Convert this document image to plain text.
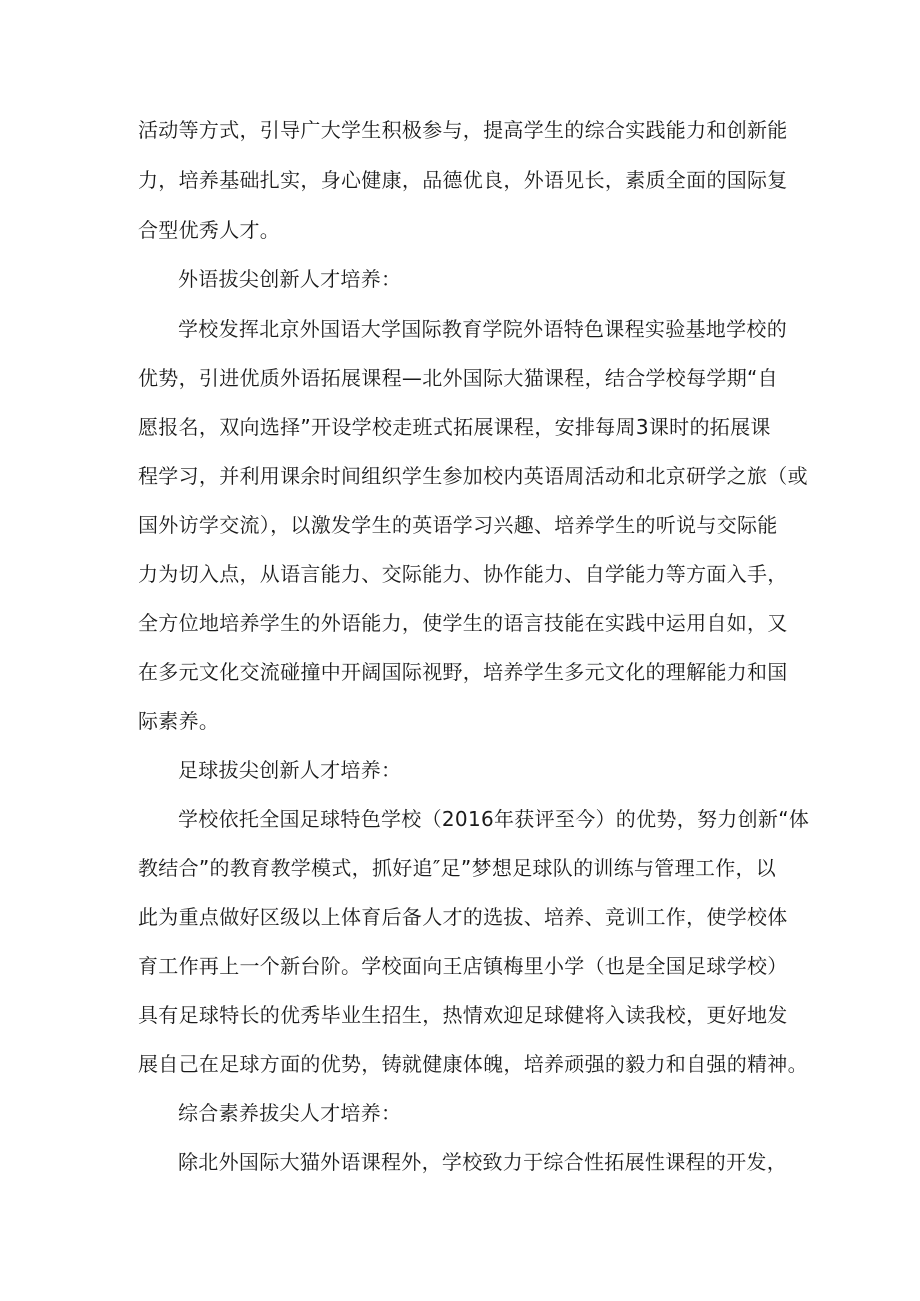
活动等方式，引导广大学生积极参与，提高学生的综合实践能力和创新能
力，培养基础扎实，身心健康，品德优良，外语见长，素质全面的国际复
合型优秀人才。
外语拔尖创新人才培养：
学校发挥北京外国语大学国际教育学院外语特色课程实验基地学校的
优势，引进优质外语拓展课程—北外国际大猫课程，结合学校每学期“自
愿报名，双向选择”开设学校走班式拓展课程，安排每周3课时的拓展课
程学习，并利用课余时间组织学生参加校内英语周活动和北京研学之旅（或
国外访学交流），以激发学生的英语学习兴趣、培养学生的听说与交际能
力为切入点，从语言能力、交际能力、协作能力、自学能力等方面入手，
全方位地培养学生的外语能力，使学生的语言技能在实践中运用自如，又
在多元文化交流碰撞中开阔国际视野，培养学生多元文化的理解能力和国
际素养。
足球拔尖创新人才培养：
学校依托全国足球特色学校（2016年获评至今）的优势，努力创新“体
教结合”的教育教学模式，抓好追″足”梦想足球队的训练与管理工作，以
此为重点做好区级以上体育后备人才的选拔、培养、竞训工作，使学校体
育工作再上一个新台阶。学校面向王店镇梅里小学（也是全国足球学校）
具有足球特长的优秀毕业生招生，热情欢迎足球健将入读我校，更好地发
展自己在足球方面的优势，铸就健康体魄，培养顽强的毅力和自强的精神。
综合素养拔尖人才培养：
除北外国际大猫外语课程外，学校致力于综合性拓展性课程的开发，
